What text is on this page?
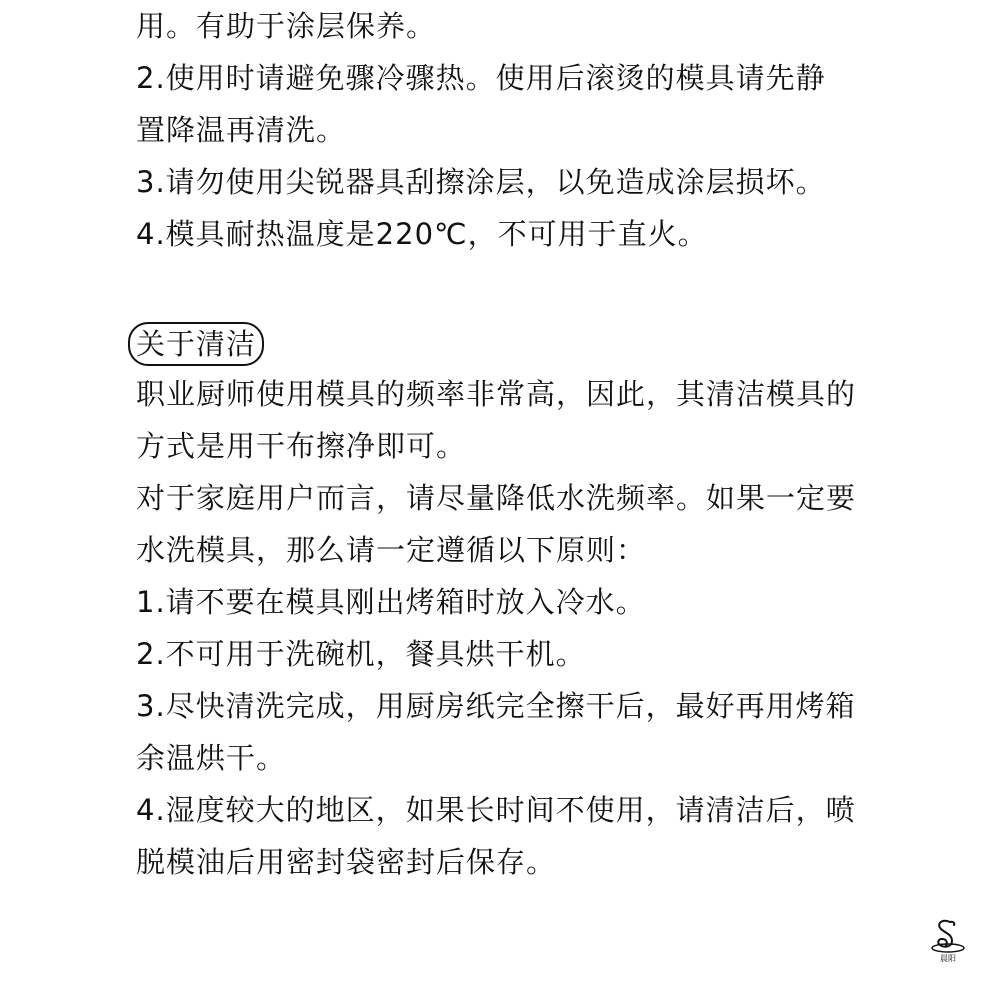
用。有助于涂层保养。
2.使用时请避免骤冷骤热。使用后滚烫的模具请先静
置降温再清洗。
3.请勿使用尖锐器具刮擦涂层，以免造成涂层损坏。
4.模具耐热温度是220℃，不可用于直火。
关于清洁
职业厨师使用模具的频率非常高，因此，其清洁模具的
方式是用干布擦净即可。
对于家庭用户而言，请尽量降低水洗频率。如果一定要
水洗模具，那么请一定遵循以下原则：
1.请不要在模具刚出烤箱时放入冷水。
2.不可用于洗碗机，餐具烘干机。
3.尽快清洗完成，用厨房纸完全擦干后，最好再用烤箱
余温烘干。
4.湿度较大的地区，如果长时间不使用，请清洁后，喷
脱模油后用密封袋密封后保存。
晨阳
